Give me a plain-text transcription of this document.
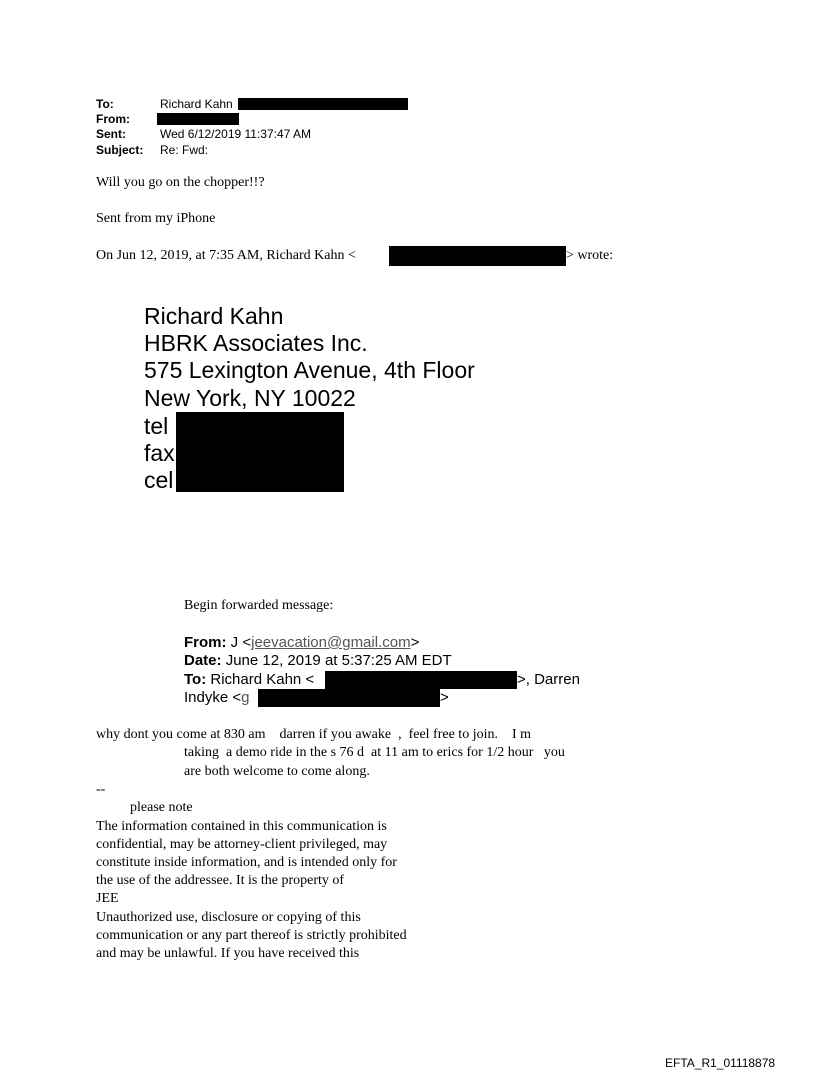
To:	Richard Kahn
From:
Sent:	Wed 6/12/2019 11:37:47 AM
Subject: Re: Fwd:
Will you go on the chopper!!?
Sent from my iPhone
On Jun 12, 2019, at 7:35 AM, Richard Kahn <	> wrote:
Richard Kahn
HBRK Associates Inc.
575 Lexington Avenue, 4th Floor
New York, NY 10022
tel
fax
cel
Begin forwarded message:
From: J <jeevacation@gmail.com>
Date: June 12, 2019 at 5:37:25 AM EDT
To: Richard Kahn <	>, Darren
Indyke <g	>
why dont you come at 830 am    darren if you awake  ,  feel free to join.    I m
taking  a demo ride in the s 76 d  at 11 am to erics for 1/2 hour   you
are both welcome to come along.
--
please note
The information contained in this communication is
confidential, may be attorney-client privileged, may
constitute inside information, and is intended only for
the use of the addressee. It is the property of
JEE
Unauthorized use, disclosure or copying of this
communication or any part thereof is strictly prohibited
and may be unlawful. If you have received this
EFTA_R1_01118878
